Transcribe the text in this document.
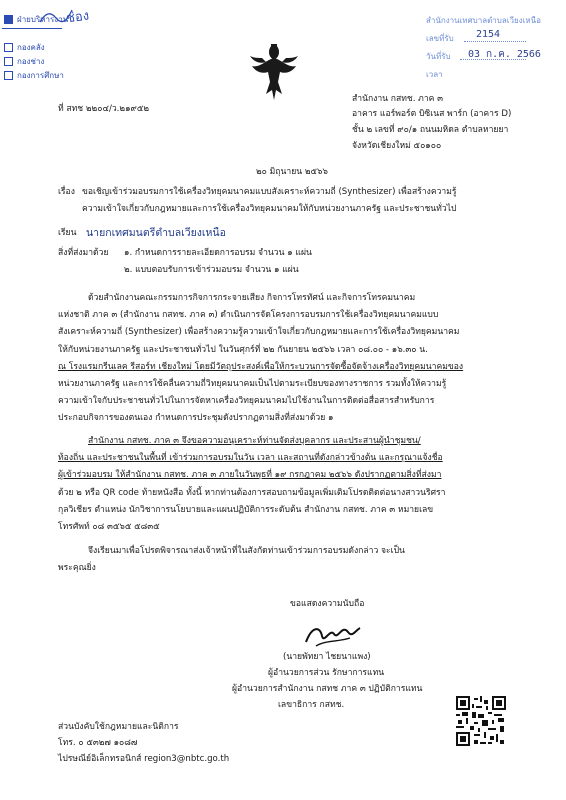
ฝ่ายบริหารงาน
กองคลัง
กองช่าง
กองการศึกษา
ช่อง	สำนักงานเทศบาลตำบลเวียงเหนือ
เลขที่รับ 2154
วันที่รับ 03 ก.ค. 2566
เวลา
ที่ สทช ๒๒๐๔/ว.๒๑๙๕๒
สำนักงาน กสทช. ภาค ๓
อาคาร แอร์พอร์ต บิซิเนส พาร์ก (อาคาร D)
ชั้น ๒ เลขที่ ๙๐/๑ ถนนมหิดล ตำบลหายยา
จังหวัดเชียงใหม่ ๕๐๑๐๐
๒๐ มิถุนายน ๒๕๖๖
เรื่อง ขอเชิญเข้าร่วมอบรมการใช้เครื่องวิทยุคมนาคมแบบสังเคราะห์ความถี่ (Synthesizer) เพื่อสร้างความรู้
ความเข้าใจเกี่ยวกับกฎหมายและการใช้เครื่องวิทยุคมนาคมให้กับหน่วยงานภาครัฐ และประชาชนทั่วไป
เรียน นายกเทศมนตรีตำบลเวียงเหนือ
สิ่งที่ส่งมาด้วย ๑. กำหนดการรายละเอียดการอบรม จำนวน ๑ แผ่น
๒. แบบตอบรับการเข้าร่วมอบรม จำนวน ๑ แผ่น
ด้วยสำนักงานคณะกรรมการกิจการกระจายเสียง กิจการโทรทัศน์ และกิจการโทรคมนาคม
แห่งชาติ ภาค ๓ (สำนักงาน กสทช. ภาค ๓) ดำเนินการจัดโครงการอบรมการใช้เครื่องวิทยุคมนาคมแบบ
สังเคราะห์ความถี่ (Synthesizer) เพื่อสร้างความรู้ความเข้าใจเกี่ยวกับกฎหมายและการใช้เครื่องวิทยุคมนาคม
ให้กับหน่วยงานภาครัฐ และประชาชนทั่วไป ในวันศุกร์ที่ ๒๒ กันยายน ๒๕๖๖ เวลา ๐๘.๐๐ - ๑๖.๓๐ น.
ณ โรงแรมกรีนเลค รีสอร์ท เชียงใหม่ โดยมีวัตถุประสงค์เพื่อให้กระบวนการจัดซื้อจัดจ้างเครื่องวิทยุคมนาคมของ
หน่วยงานภาครัฐ และการใช้คลื่นความถี่วิทยุคมนาคมเป็นไปตามระเบียบของทางราชการ รวมทั้งให้ความรู้
ความเข้าใจกับประชาชนทั่วไปในการจัดหาเครื่องวิทยุคมนาคมไปใช้งานในการติดต่อสื่อสารสำหรับการ
ประกอบกิจการของตนเอง กำหนดการประชุมดังปรากฏตามสิ่งที่ส่งมาด้วย ๑
สำนักงาน กสทช. ภาค ๓ จึงขอความอนุเคราะห์ท่านจัดส่งบุคลากร และประสานผู้นำชุมชน/
ท้องถิ่น และประชาชนในพื้นที่ เข้าร่วมการอบรมในวัน เวลา และสถานที่ดังกล่าวข้างต้น และกรุณาแจ้งชื่อ
ผู้เข้าร่วมอบรม ให้สำนักงาน กสทช. ภาค ๓ ภายในวันพุธที่ ๑๙ กรกฎาคม ๒๕๖๖ ดังปรากฏตามสิ่งที่ส่งมา
ด้วย ๒ หรือ QR code ท้ายหนังสือ ทั้งนี้ หากท่านต้องการสอบถามข้อมูลเพิ่มเติมโปรดติดต่อนางสาวนริศรา
กุลวิเชียร ตำแหน่ง นักวิชาการนโยบายและแผนปฏิบัติการระดับต้น สำนักงาน กสทช. ภาค ๓ หมายเลข
โทรศัพท์ ๐๘ ๓๕๖๕ ๕๘๓๕
จึงเรียนมาเพื่อโปรดพิจารณาส่งเจ้าหน้าที่ในสังกัดท่านเข้าร่วมการอบรมดังกล่าว จะเป็น
พระคุณยิ่ง
ขอแสดงความนับถือ
(นายพัทยา ไชยนาแพง)
ผู้อำนวยการส่วน รักษาการแทน
ผู้อำนวยการสำนักงาน กสทช ภาค ๓ ปฏิบัติการแทน
เลขาธิการ กสทช.
ส่วนบังคับใช้กฎหมายและนิติการ
โทร. ๐ ๕๓๒๗ ๑๐๘๗
ไปรษณีย์อิเล็กทรอนิกส์ region3@nbtc.go.th
